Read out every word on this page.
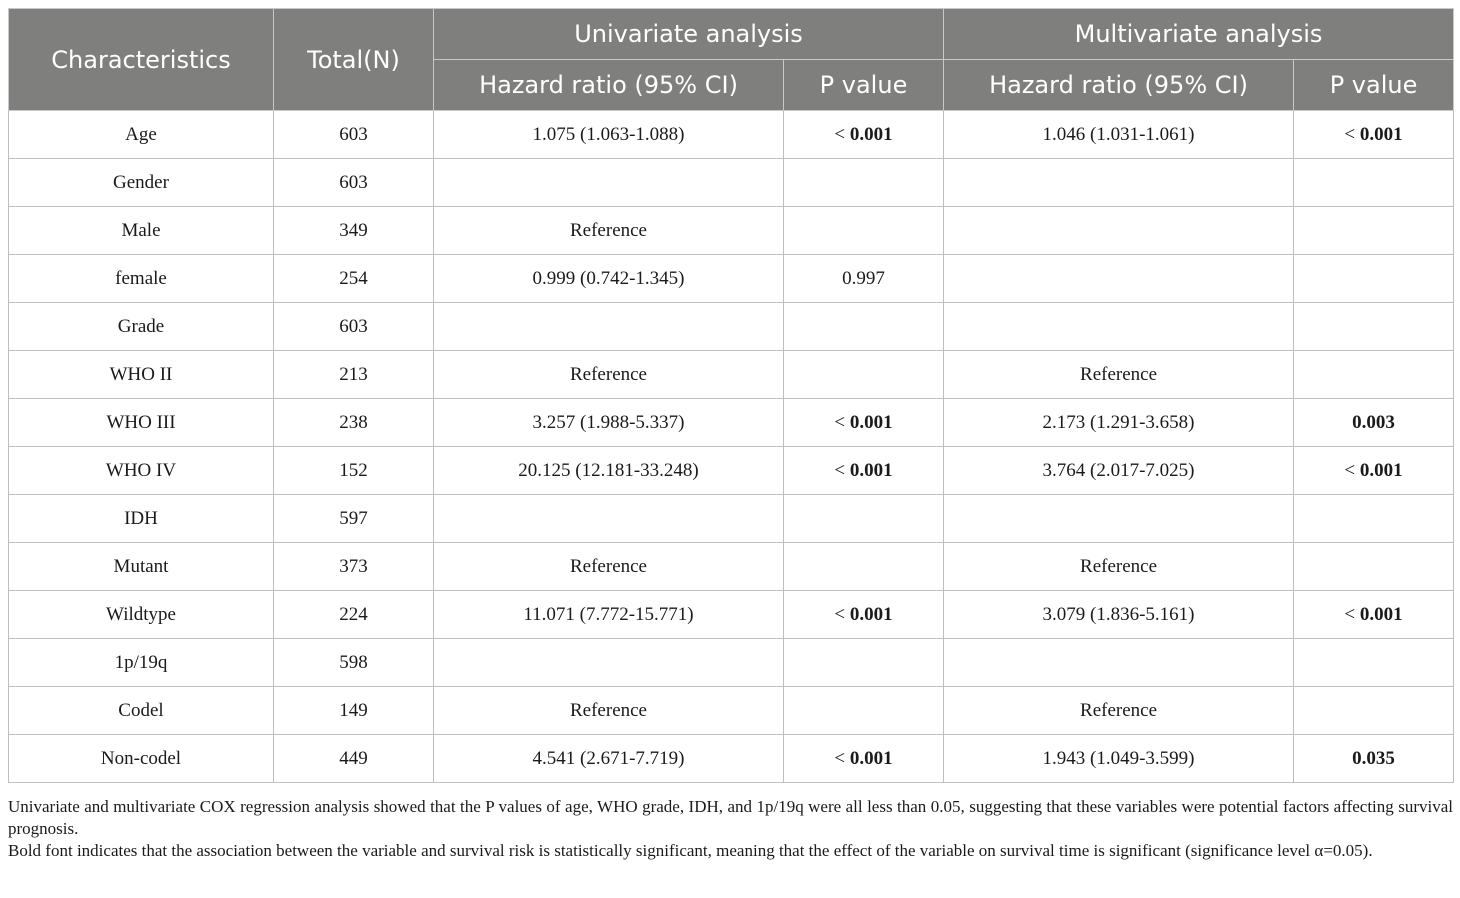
Characteristics	Total(N)	Univariate analysis		Multivariate analysis	
		Hazard ratio (95% CI)	P value	Hazard ratio (95% CI)	P value
Age	603	1.075 (1.063-1.088)	< 0.001	1.046 (1.031-1.061)	< 0.001
Gender	603				
Male	349	Reference			
female	254	0.999 (0.742-1.345)	0.997		
Grade	603				
WHO II	213	Reference		Reference	
WHO III	238	3.257 (1.988-5.337)	< 0.001	2.173 (1.291-3.658)	0.003
WHO IV	152	20.125 (12.181-33.248)	< 0.001	3.764 (2.017-7.025)	< 0.001
IDH	597				
Mutant	373	Reference		Reference	
Wildtype	224	11.071 (7.772-15.771)	< 0.001	3.079 (1.836-5.161)	< 0.001
1p/19q	598				
Codel	149	Reference		Reference	
Non-codel	449	4.541 (2.671-7.719)	< 0.001	1.943 (1.049-3.599)	0.035

Univariate and multivariate COX regression analysis showed that the P values of age, WHO grade, IDH, and 1p/19q were all less than 0.05, suggesting that these variables were potential factors affecting survival prognosis.

Bold font indicates that the association between the variable and survival risk is statistically significant, meaning that the effect of the variable on survival time is significant (significance level α=0.05).
